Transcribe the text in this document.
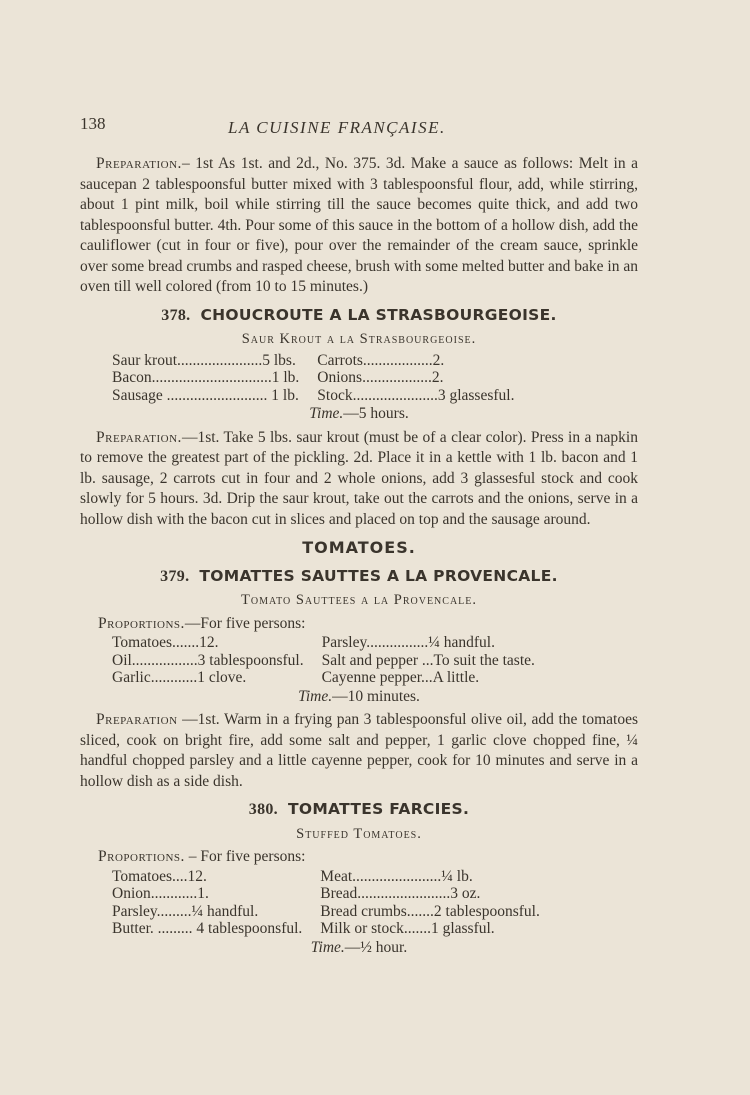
138	LA CUISINE FRANÇAISE.

Preparation.– 1st As 1st. and 2d., No. 375. 3d. Make a sauce as follows: Melt in a saucepan 2 tablespoonsful butter mixed with 3 tablespoonsful flour, add, while stirring, about 1 pint milk, boil while stirring till the sauce becomes quite thick, and add two tablespoonsful butter. 4th. Pour some of this sauce in the bottom of a hollow dish, add the cauliflower (cut in four or five), pour over the remainder of the cream sauce, sprinkle over some bread crumbs and rasped cheese, brush with some melted butter and bake in an oven till well colored (from 10 to 15 minutes.)

378. CHOUCROUTE A LA STRASBOURGEOISE.
Saur Krout a la Strasbourgeoise.
Saur krout......................5 lbs.		Carrots..................2.
Bacon...............................1 lb.		Onions..................2.
Sausage .......................... 1 lb.		Stock......................3 glassesful.
Time.—5 hours.

Preparation.—1st. Take 5 lbs. saur krout (must be of a clear color). Press in a napkin to remove the greatest part of the pickling. 2d. Place it in a kettle with 1 lb. bacon and 1 lb. sausage, 2 carrots cut in four and 2 whole onions, add 3 glassesful stock and cook slowly for 5 hours. 3d. Drip the saur krout, take out the carrots and the onions, serve in a hollow dish with the bacon cut in slices and placed on top and the sausage around.

TOMATOES.
379. TOMATTES SAUTTES A LA PROVENCALE.
Tomato Sauttees a la Provencale.
Proportions.—For five persons:
Tomatoes.......12.		Parsley................¼ handful.
Oil.................3 tablespoonsful.		Salt and pepper ...To suit the taste.
Garlic............1 clove.		Cayenne pepper...A little.
Time.—10 minutes.

Preparation —1st. Warm in a frying pan 3 tablespoonsful olive oil, add the tomatoes sliced, cook on bright fire, add some salt and pepper, 1 garlic clove chopped fine, ¼ handful chopped parsley and a little cayenne pepper, cook for 10 minutes and serve in a hollow dish as a side dish.

380. TOMATTES FARCIES.
Stuffed Tomatoes.
Proportions. – For five persons:
Tomatoes....12.		Meat.......................¼ lb.
Onion............1.		Bread........................3 oz.
Parsley.........¼ handful.		Bread crumbs.......2 tablespoonsful.
Butter. ......... 4 tablespoonsful.		Milk or stock.......1 glassful.
Time.—½ hour.
